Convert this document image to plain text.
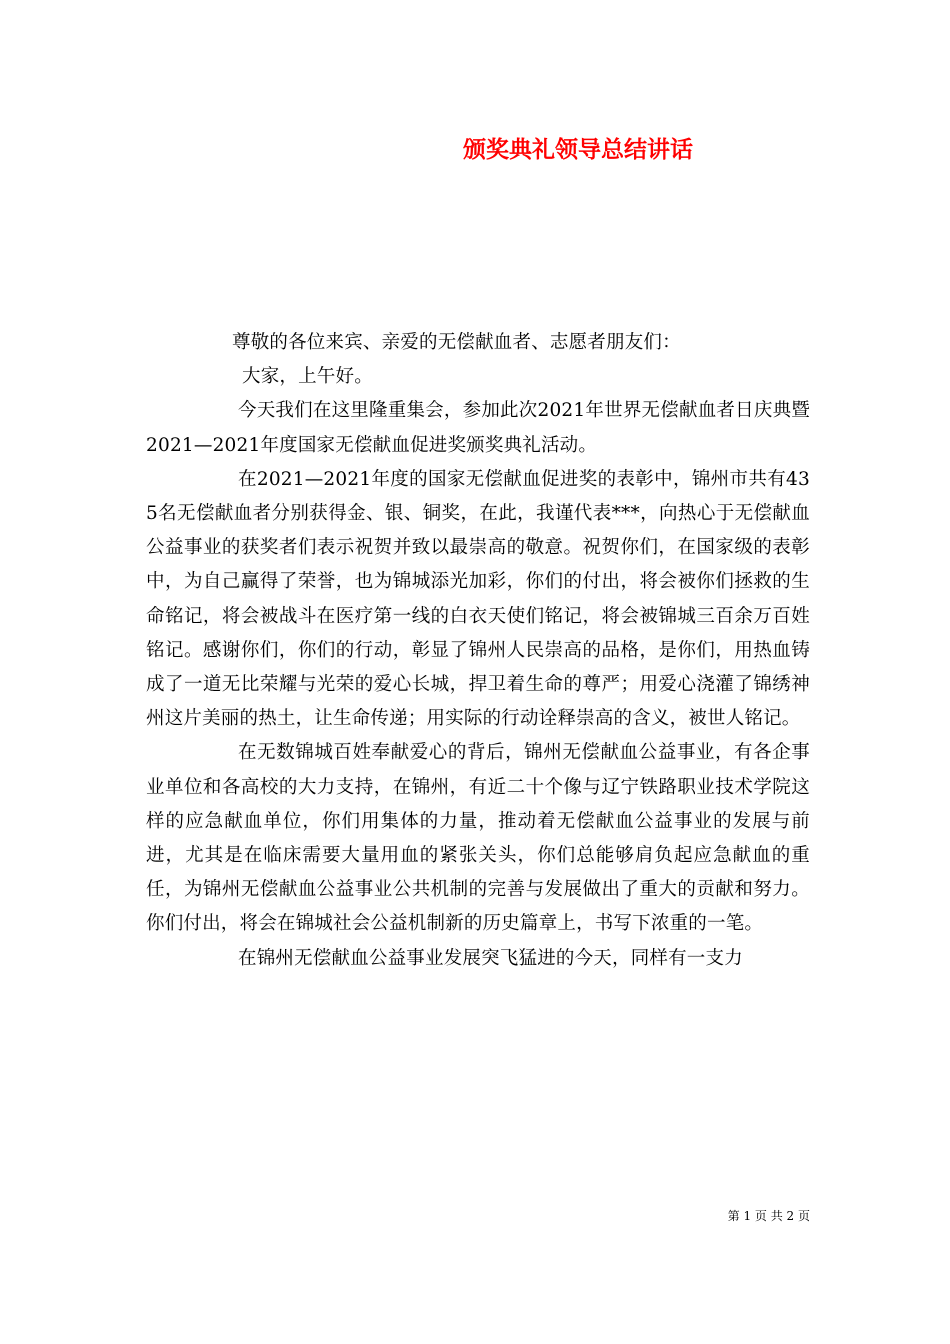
颁奖典礼领导总结讲话

尊敬的各位来宾、亲爱的无偿献血者、志愿者朋友们：

大家，上午好。

今天我们在这里隆重集会，参加此次2021年世界无偿献血者日庆典暨2021—2021年度国家无偿献血促进奖颁奖典礼活动。

在2021—2021年度的国家无偿献血促进奖的表彰中，锦州市共有435名无偿献血者分别获得金、银、铜奖，在此，我谨代表***，向热心于无偿献血公益事业的获奖者们表示祝贺并致以最崇高的敬意。祝贺你们，在国家级的表彰中，为自己赢得了荣誉，也为锦城添光加彩，你们的付出，将会被你们拯救的生命铭记，将会被战斗在医疗第一线的白衣天使们铭记，将会被锦城三百余万百姓铭记。感谢你们，你们的行动，彰显了锦州人民崇高的品格，是你们，用热血铸成了一道无比荣耀与光荣的爱心长城，捍卫着生命的尊严；用爱心浇灌了锦绣神州这片美丽的热土，让生命传递；用实际的行动诠释崇高的含义，被世人铭记。

在无数锦城百姓奉献爱心的背后，锦州无偿献血公益事业，有各企事业单位和各高校的大力支持，在锦州，有近二十个像与辽宁铁路职业技术学院这样的应急献血单位，你们用集体的力量，推动着无偿献血公益事业的发展与前进，尤其是在临床需要大量用血的紧张关头，你们总能够肩负起应急献血的重任，为锦州无偿献血公益事业公共机制的完善与发展做出了重大的贡献和努力。你们付出，将会在锦城社会公益机制新的历史篇章上，书写下浓重的一笔。

在锦州无偿献血公益事业发展突飞猛进的今天，同样有一支力

第 1 页 共 2 页
